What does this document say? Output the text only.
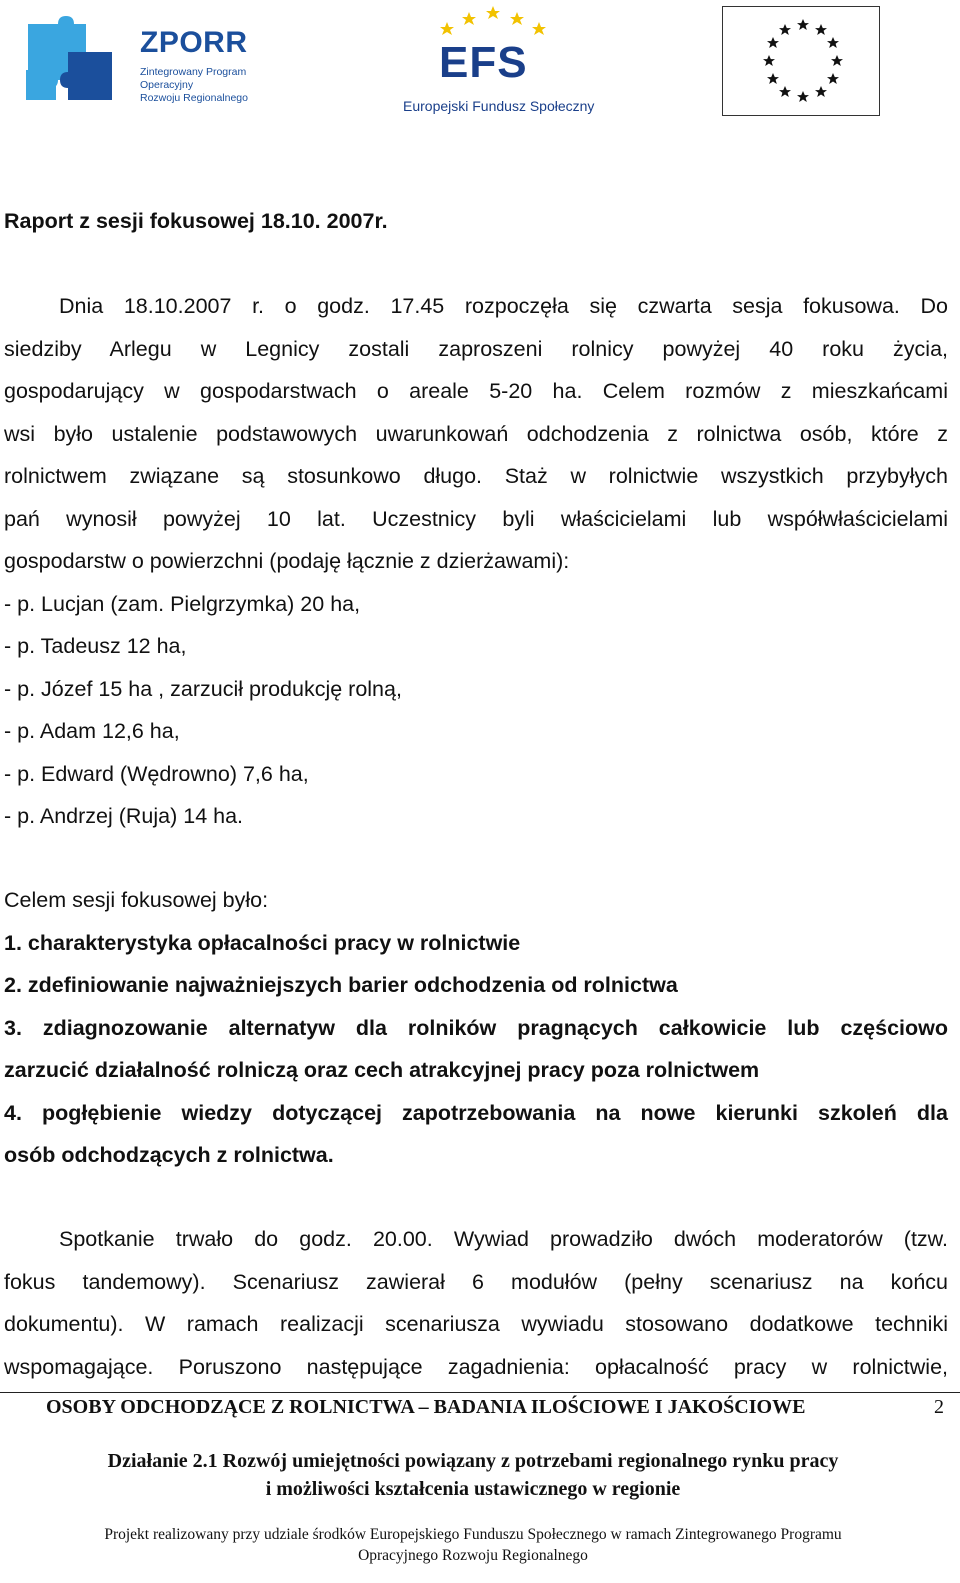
ZPORR
Zintegrowany Program
Operacyjny
Rozwoju Regionalnego
EFS
Europejski Fundusz Społeczny
Raport z sesji fokusowej 18.10. 2007r.
Dnia 18.10.2007 r. o godz. 17.45 rozpoczęła się czwarta sesja fokusowa. Do
siedziby Arlegu w Legnicy zostali zaproszeni rolnicy powyżej 40 roku życia,
gospodarujący w gospodarstwach o areale 5-20 ha. Celem rozmów z mieszkańcami
wsi było ustalenie podstawowych uwarunkowań odchodzenia z rolnictwa osób, które z
rolnictwem związane są stosunkowo długo. Staż w rolnictwie wszystkich przybyłych
pań wynosił powyżej 10 lat. Uczestnicy byli właścicielami lub współwłaścicielami
gospodarstw o powierzchni (podaję łącznie z dzierżawami):
- p. Lucjan (zam. Pielgrzymka) 20 ha,
- p. Tadeusz 12 ha,
- p. Józef 15 ha , zarzucił produkcję rolną,
- p. Adam 12,6 ha,
- p. Edward (Wędrowno) 7,6 ha,
- p. Andrzej (Ruja) 14 ha.
Celem sesji fokusowej było:
1. charakterystyka opłacalności pracy w rolnictwie
2. zdefiniowanie najważniejszych barier odchodzenia od rolnictwa
3. zdiagnozowanie alternatyw dla rolników pragnących całkowicie lub częściowo
zarzucić działalność rolniczą oraz cech atrakcyjnej pracy poza rolnictwem
4. pogłębienie wiedzy dotyczącej zapotrzebowania na nowe kierunki szkoleń dla
osób odchodzących z rolnictwa.
Spotkanie trwało do godz. 20.00. Wywiad prowadziło dwóch moderatorów (tzw.
fokus tandemowy). Scenariusz zawierał 6 modułów (pełny scenariusz na końcu
dokumentu). W ramach realizacji scenariusza wywiadu stosowano dodatkowe techniki
wspomagające. Poruszono następujące zagadnienia: opłacalność pracy w rolnictwie,
OSOBY ODCHODZĄCE Z ROLNICTWA – BADANIA ILOŚCIOWE I JAKOŚCIOWE	2
Działanie 2.1 Rozwój umiejętności powiązany z potrzebami regionalnego rynku pracy
i możliwości kształcenia ustawicznego w regionie
Projekt realizowany przy udziale środków Europejskiego Funduszu Społecznego w ramach Zintegrowanego Programu
Opracyjnego Rozwoju Regionalnego
